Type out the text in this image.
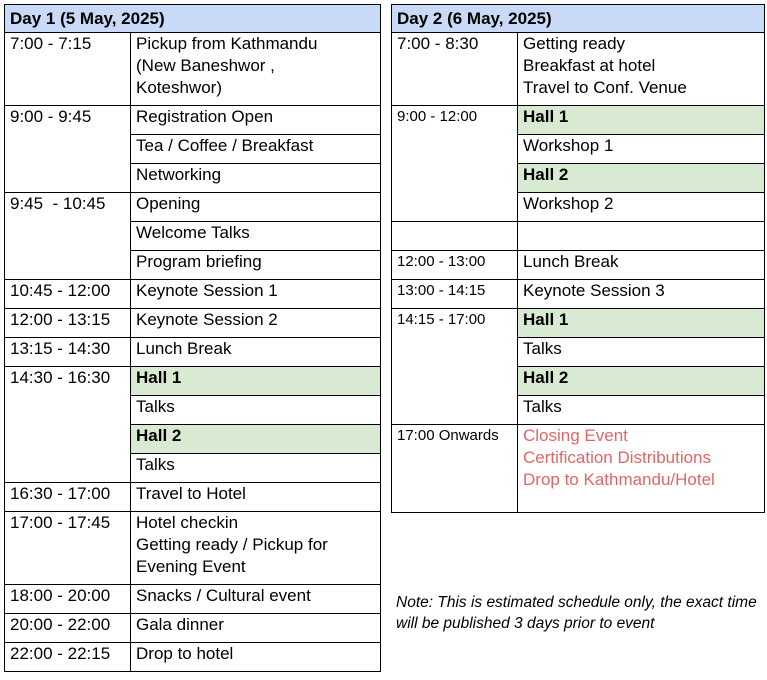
Day 1 (5 May, 2025)	
7:00 - 7:15	Pickup from Kathmandu
(New Baneshwor ,
Koteshwor)

9:00 - 9:45	Registration Open
	Tea / Coffee / Breakfast
	Networking
9:45  - 10:45	Opening
	Welcome Talks
	Program briefing
10:45 - 12:00	Keynote Session 1
12:00 - 13:15	Keynote Session 2
13:15 - 14:30	Lunch Break
14:30 - 16:30	Hall 1
	Talks
	Hall 2
	Talks
16:30 - 17:00	Travel to Hotel
17:00 - 17:45	Hotel checkin
Getting ready / Pickup for
Evening Event

18:00 - 20:00	Snacks / Cultural event
20:00 - 22:00	Gala dinner
22:00 - 22:15	Drop to hotel
Day 2 (6 May, 2025)	
7:00 - 8:30	Getting ready
Breakfast at hotel
Travel to Conf. Venue

9:00 - 12:00	Hall 1
	Workshop 1
	Hall 2
	Workshop 2

12:00 - 13:00	Lunch Break
13:00 - 14:15	Keynote Session 3
14:15 - 17:00	Hall 1
	Talks
	Hall 2
	Talks
17:00 Onwards	Closing Event
Certification Distributions
Drop to Kathmandu/Hotel
Note: This is estimated schedule only, the exact time will be published 3 days prior to event
